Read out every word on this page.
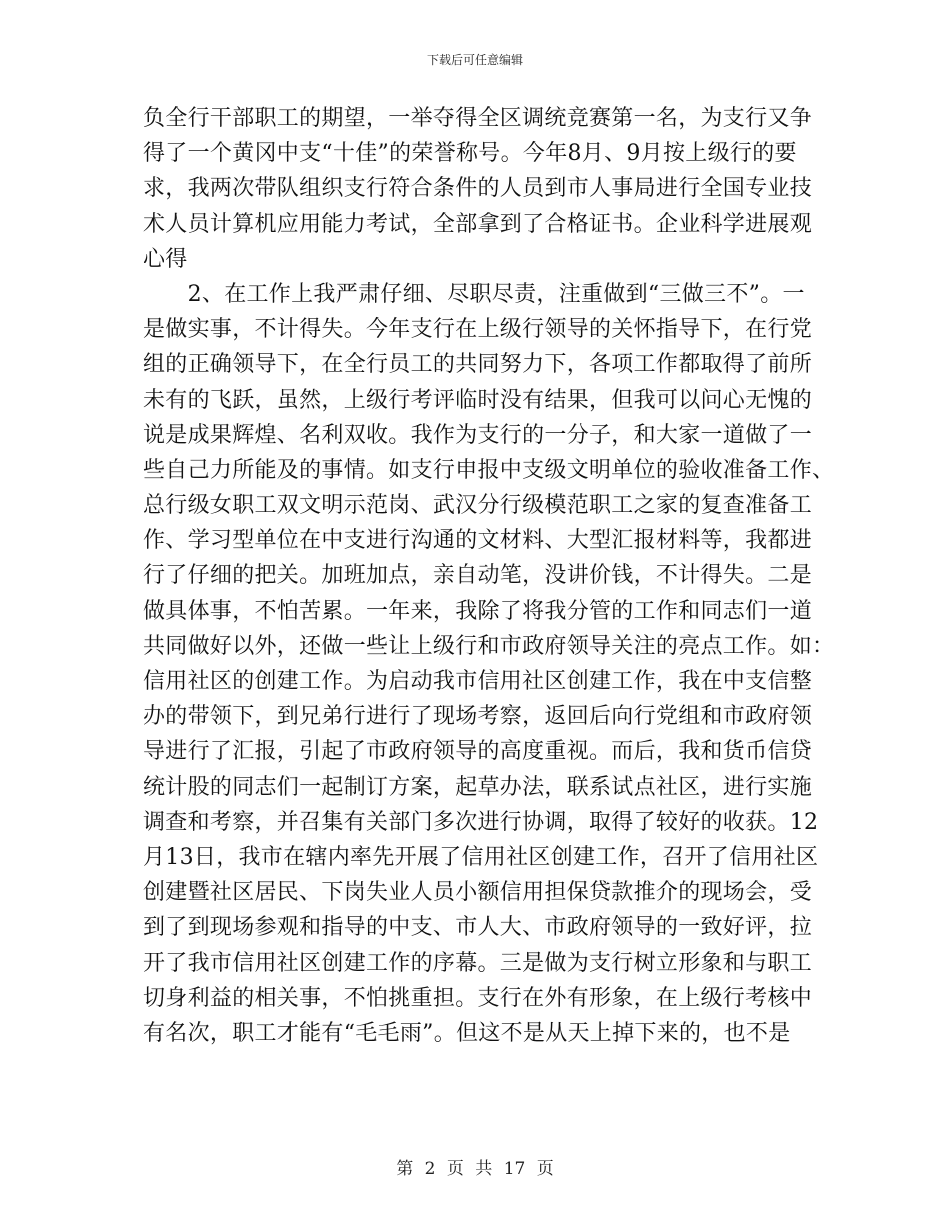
下载后可任意编辑
负全行干部职工的期望，一举夺得全区调统竞赛第一名，为支行又争
得了一个黄冈中支“十佳”的荣誉称号。今年8月、9月按上级行的要
求，我两次带队组织支行符合条件的人员到市人事局进行全国专业技
术人员计算机应用能力考试，全部拿到了合格证书。企业科学进展观
心得
　　2、在工作上我严肃仔细、尽职尽责，注重做到“三做三不”。一
是做实事，不计得失。今年支行在上级行领导的关怀指导下，在行党
组的正确领导下，在全行员工的共同努力下，各项工作都取得了前所
未有的飞跃，虽然，上级行考评临时没有结果，但我可以问心无愧的
说是成果辉煌、名利双收。我作为支行的一分子，和大家一道做了一
些自己力所能及的事情。如支行申报中支级文明单位的验收准备工作、
总行级女职工双文明示范岗、武汉分行级模范职工之家的复查准备工
作、学习型单位在中支进行沟通的文材料、大型汇报材料等，我都进
行了仔细的把关。加班加点，亲自动笔，没讲价钱，不计得失。二是
做具体事，不怕苦累。一年来，我除了将我分管的工作和同志们一道
共同做好以外，还做一些让上级行和市政府领导关注的亮点工作。如：
信用社区的创建工作。为启动我市信用社区创建工作，我在中支信整
办的带领下，到兄弟行进行了现场考察，返回后向行党组和市政府领
导进行了汇报，引起了市政府领导的高度重视。而后，我和货币信贷
统计股的同志们一起制订方案，起草办法，联系试点社区，进行实施
调查和考察，并召集有关部门多次进行协调，取得了较好的收获。12
月13日，我市在辖内率先开展了信用社区创建工作，召开了信用社区
创建暨社区居民、下岗失业人员小额信用担保贷款推介的现场会，受
到了到现场参观和指导的中支、市人大、市政府领导的一致好评，拉
开了我市信用社区创建工作的序幕。三是做为支行树立形象和与职工
切身利益的相关事，不怕挑重担。支行在外有形象，在上级行考核中
有名次，职工才能有“毛毛雨”。但这不是从天上掉下来的，也不是
第 2 页 共 17 页
